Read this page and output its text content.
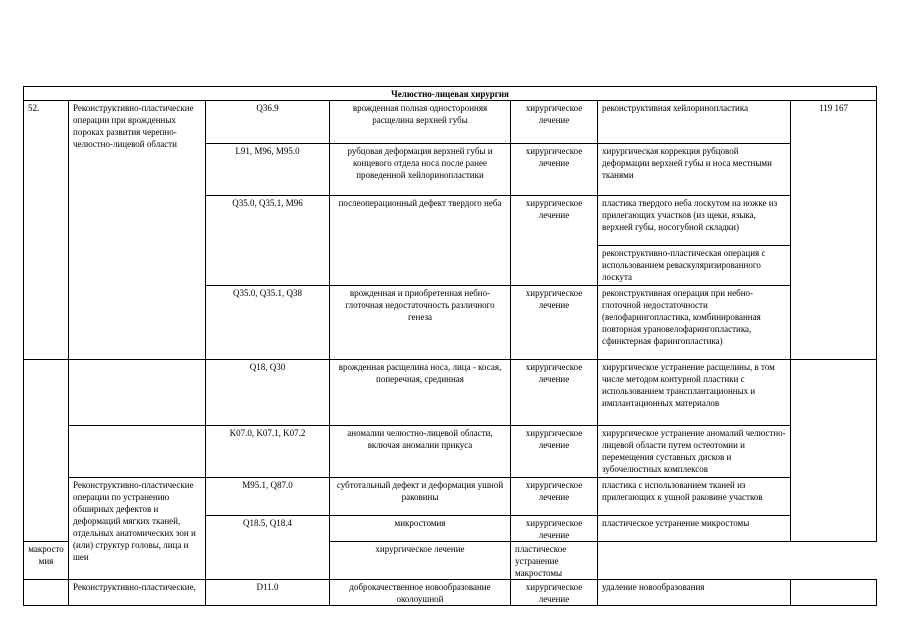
Челюстно-лицевая хирургия						
52.	Реконструктивно-пластические операции при врожденных пороках развития черепно-челюстно-лицевой области	Q36.9	врожденная полная односторонняя расщелина верхней губы	хирургическое лечение	реконструктивная хейлоринопластика	119 167
		L91, M96, M95.0	рубцовая деформация верхней губы и концевого отдела носа после ранее проведенной хейлоринопластики	хирургическое лечение	хирургическая коррекция рубцовой деформации верхней губы и носа местными тканями	
		Q35.0, Q35.1, M96	послеоперационный дефект твердого неба	хирургическое лечение	пластика твердого неба лоскутом на ножке из прилегающих участков (из щеки, языка, верхней губы, носогубной складки)	
					реконструктивно-пластическая операция с использованием реваскуляризированного лоскута	
		Q35.0, Q35.1, Q38	врожденная и приобретенная небно-глоточная недостаточность различного генеза	хирургическое лечение	реконструктивная операция при небно-глоточной недостаточности (велофарингопластика, комбинированная повторная урановелофарингопластика, сфинктерная фарингопластика)	
		Q18, Q30	врожденная расщелина носа, лица - косая, поперечная, срединная	хирургическое лечение	хирургическое устранение расщелины, в том числе методом контурной пластики с использованием трансплантационных и имплантационных материалов	
		K07.0, K07.1, K07.2	аномалии челюстно-лицевой области, включая аномалии прикуса	хирургическое лечение	хирургическое устранение аномалий челюстно-лицевой области путем остеотомии и перемещения суставных дисков и зубочелюстных комплексов	
	Реконструктивно-пластические операции по устранению обширных дефектов и деформаций мягких тканей, отдельных анатомических зон и (или) структур головы, лица и шеи	M95.1, Q87.0	субтотальный дефект и деформация ушной раковины	хирургическое лечение	пластика с использованием тканей из прилегающих к ушной раковине участков	
		Q18.5, Q18.4	микростомия	хирургическое лечение	пластическое устранение микростомы	
макростомия			хирургическое лечение	пластическое устранение макростомы		
	Реконструктивно-пластические,	D11.0	доброкачественное новообразование околоушной	хирургическое лечение	удаление новообразования	
